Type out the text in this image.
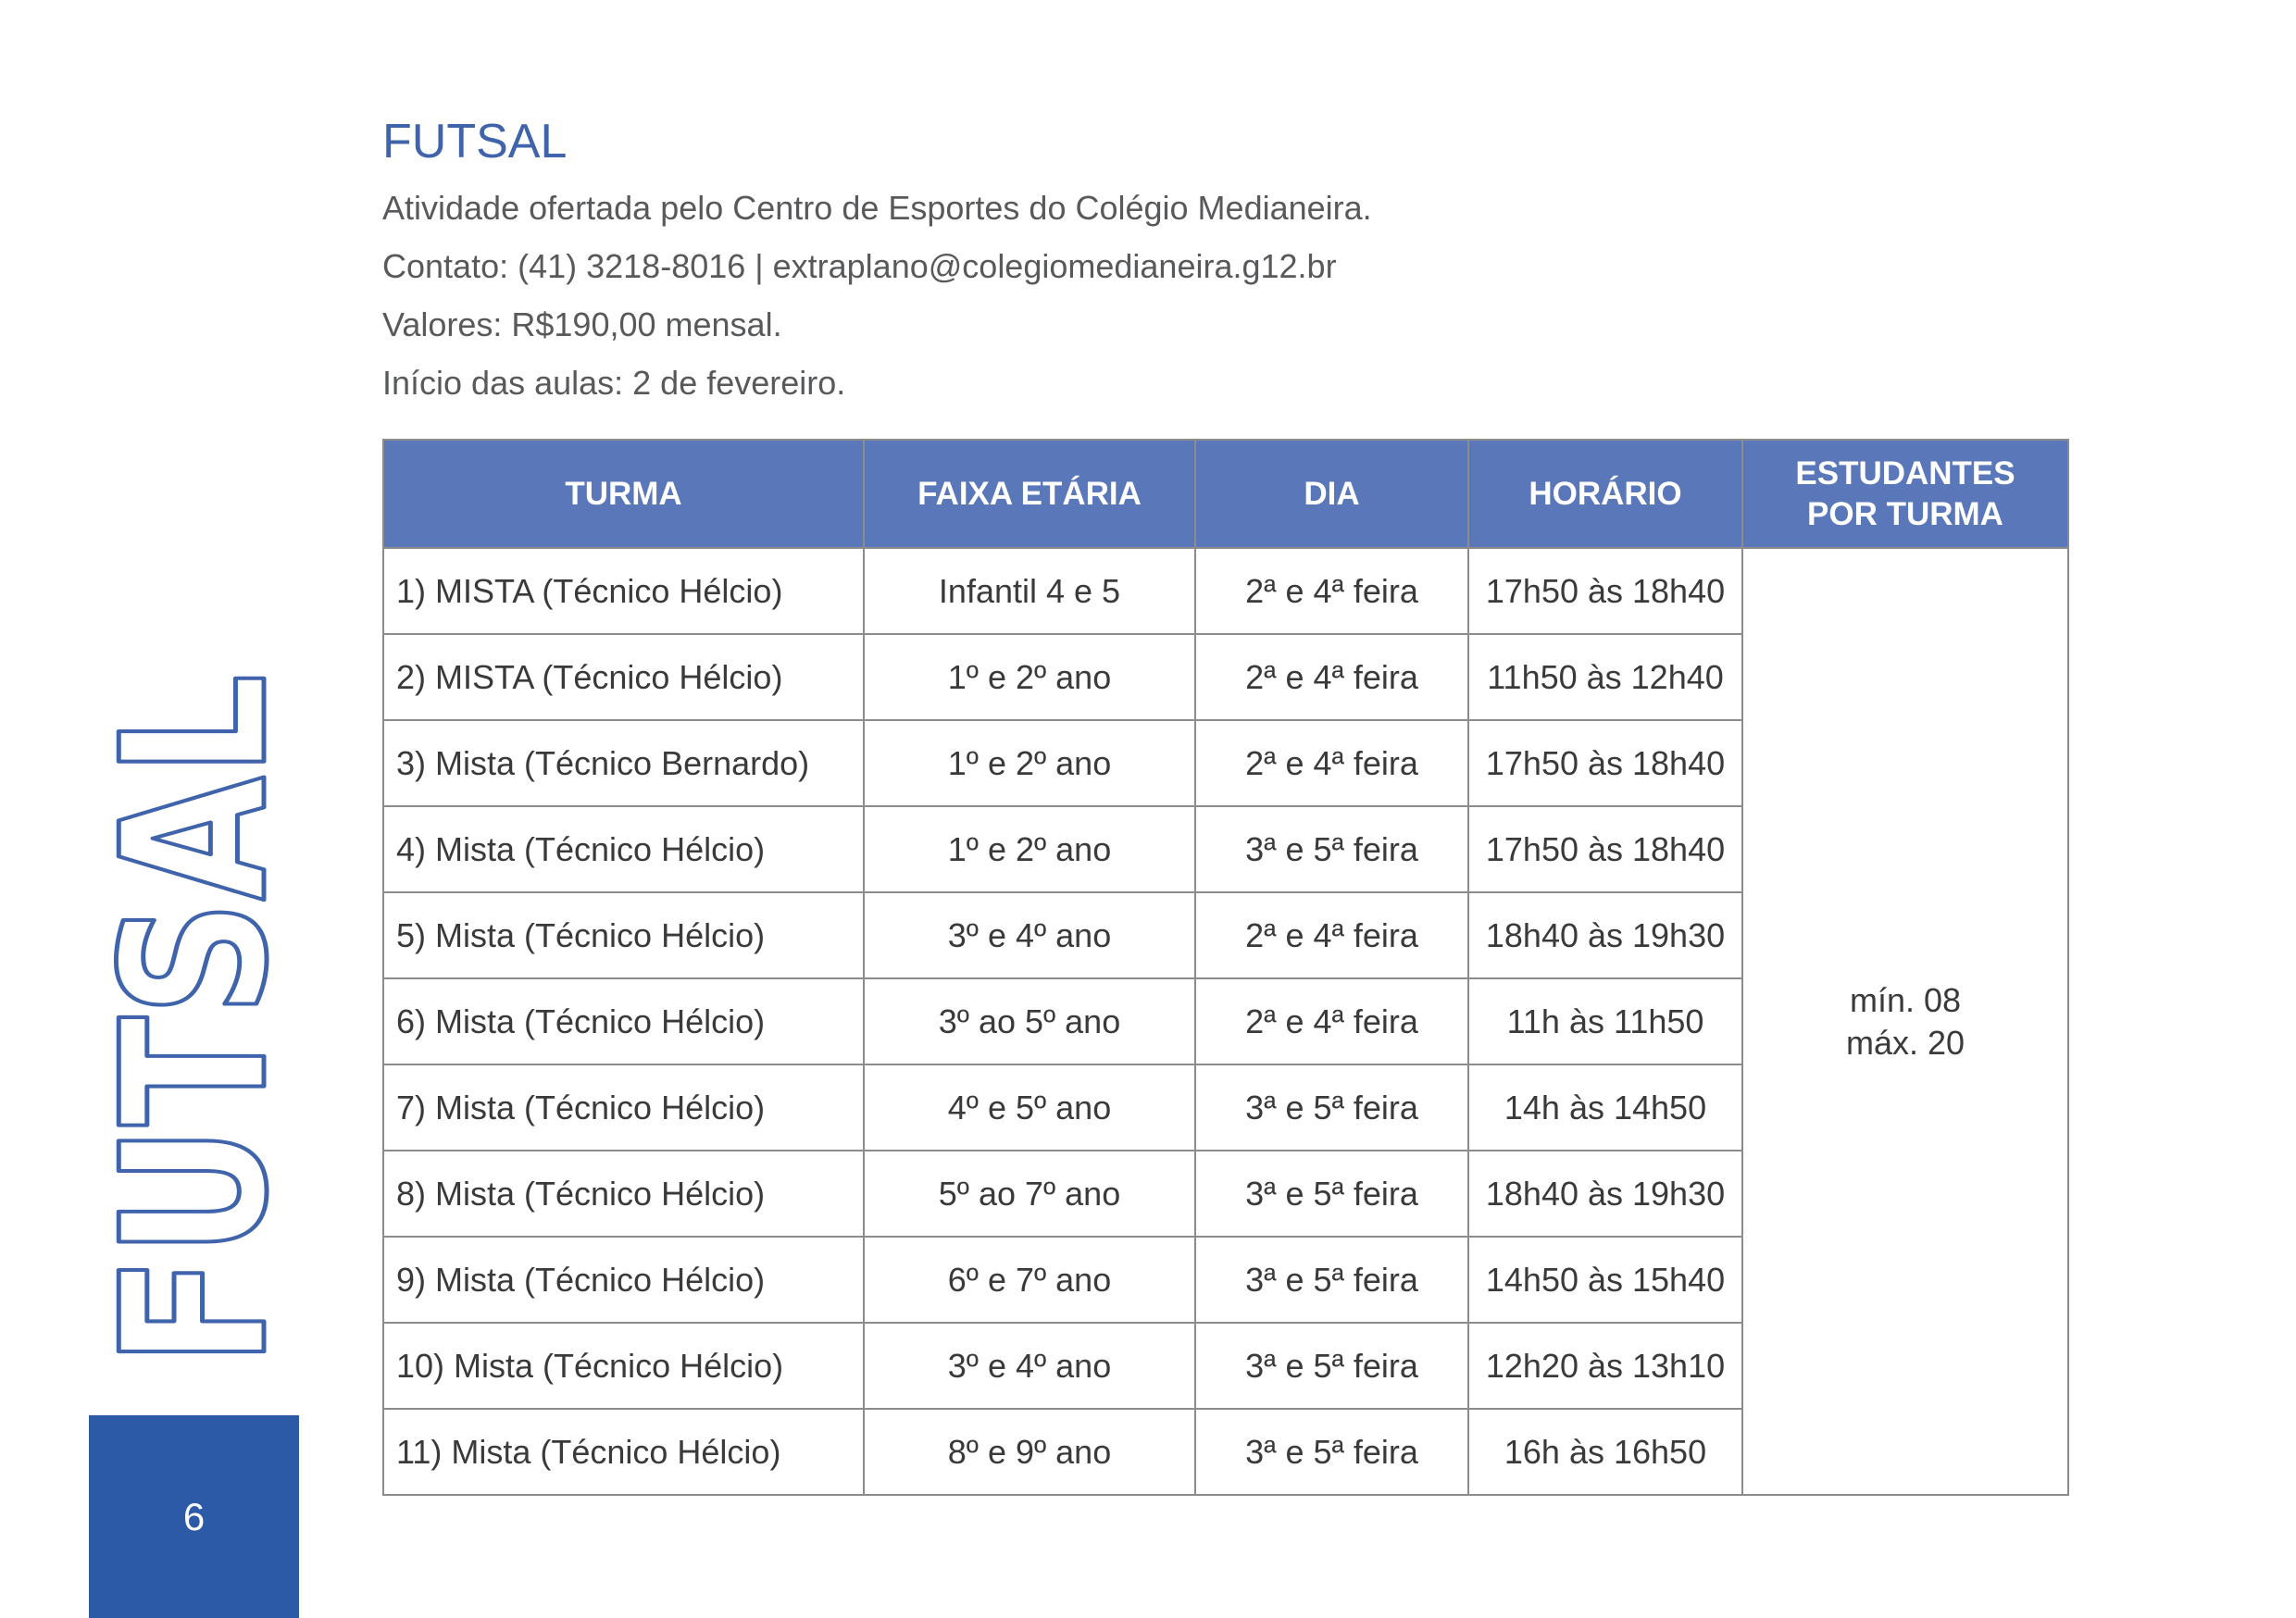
FUTSAL
Atividade ofertada pelo Centro de Esportes do Colégio Medianeira.
Contato: (41) 3218-8016 | extraplano@colegiomedianeira.g12.br
Valores: R$190,00 mensal.
Início das aulas: 2 de fevereiro.
TURMA	FAIXA ETÁRIA	DIA	HORÁRIO	ESTUDANTES
POR TURMA

1) MISTA (Técnico Hélcio)	Infantil 4 e 5	2ª e 4ª feira	17h50 às 18h40	mín. 08
máx. 20

2) MISTA (Técnico Hélcio)	1º e 2º ano	2ª e 4ª feira	11h50 às 12h40	
3) Mista (Técnico Bernardo)	1º e 2º ano	2ª e 4ª feira	17h50 às 18h40	
4) Mista (Técnico Hélcio)	1º e 2º ano	3ª e 5ª feira	17h50 às 18h40	
5) Mista (Técnico Hélcio)	3º e 4º ano	2ª e 4ª feira	18h40 às 19h30	
6) Mista (Técnico Hélcio)	3º ao 5º ano	2ª e 4ª feira	11h às 11h50	
7) Mista (Técnico Hélcio)	4º e 5º ano	3ª e 5ª feira	14h às 14h50	
8) Mista (Técnico Hélcio)	5º ao 7º ano	3ª e 5ª feira	18h40 às 19h30	
9) Mista (Técnico Hélcio)	6º e 7º ano	3ª e 5ª feira	14h50 às 15h40	
10) Mista (Técnico Hélcio)	3º e 4º ano	3ª e 5ª feira	12h20 às 13h10	
11) Mista (Técnico Hélcio)	8º e 9º ano	3ª e 5ª feira	16h às 16h50	
FUTSAL
6
